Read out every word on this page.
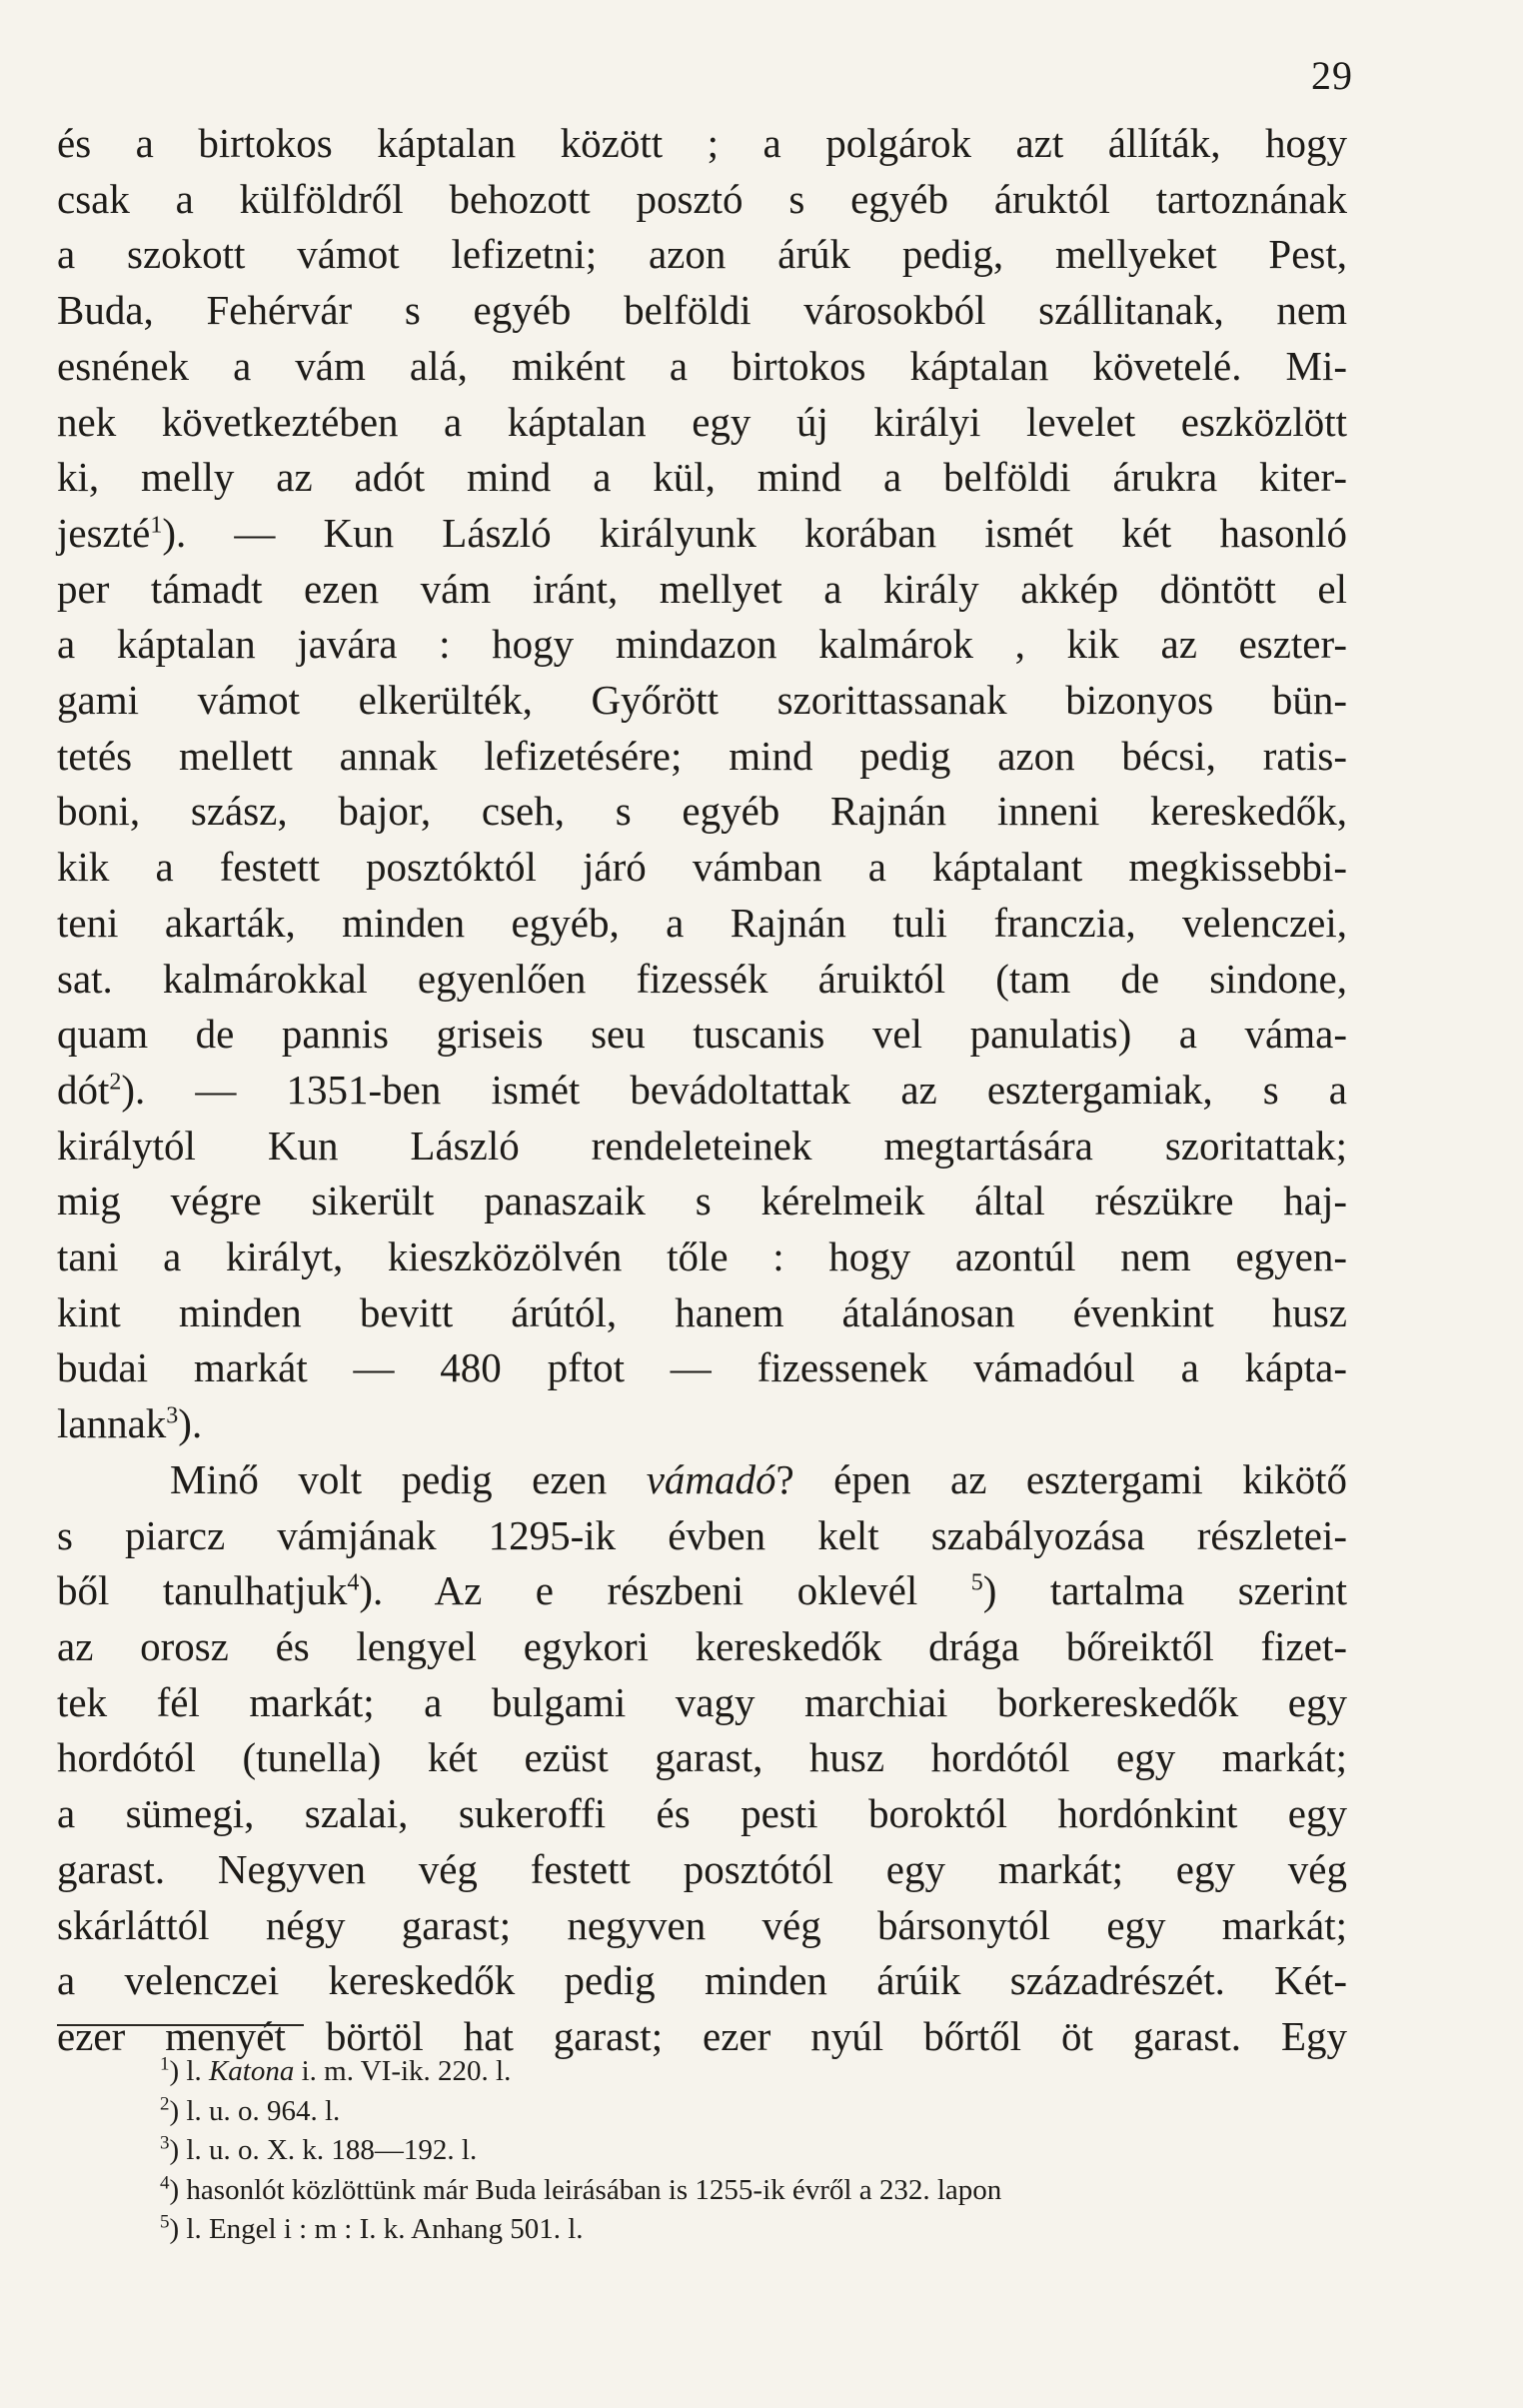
29
és a birtokos káptalan között ; a polgárok azt állíták, hogy
csak a külföldről behozott posztó s egyéb áruktól tartoznának
a szokott vámot lefizetni; azon árúk pedig, mellyeket Pest,
Buda, Fehérvár s egyéb belföldi városokból szállitanak, nem
esnének a vám alá, miként a birtokos káptalan követelé. Mi-
nek következtében a káptalan egy új királyi levelet eszközlött
ki, melly az adót mind a kül, mind a belföldi árukra kiter-
jeszté$^1$). — Kun László királyunk korában ismét két hasonló
per támadt ezen vám iránt, mellyet a király akkép döntött el
a káptalan javára : hogy mindazon kalmárok , kik az eszter-
gami vámot elkerülték, Győrött szorittassanak bizonyos bün-
tetés mellett annak lefizetésére; mind pedig azon bécsi, ratis-
boni, szász, bajor, cseh, s egyéb Rajnán inneni kereskedők,
kik a festett posztóktól járó vámban a káptalant megkissebbi-
teni akarták, minden egyéb, a Rajnán tuli franczia, velenczei,
sat. kalmárokkal egyenlően fizessék áruiktól (tam de sindone,
quam de pannis griseis seu tuscanis vel panulatis) a váma-
dót$^2$). — 1351-ben ismét bevádoltattak az esztergamiak, s a
királytól Kun László rendeleteinek megtartására szoritattak;
mig végre sikerült panaszaik s kérelmeik által részükre haj-
tani a királyt, kieszközölvén tőle : hogy azontúl nem egyen-
kint minden bevitt árútól, hanem átalánosan évenkint husz
budai markát — 480 pftot — fizessenek vámadóul a kápta-
lannak$^3$).
Minő volt pedig ezen vámadó? épen az esztergami kikötő
s piarcz vámjának 1295-ik évben kelt szabályozása részletei-
ből tanulhatjuk$^4$). Az e részbeni oklevél $^5$) tartalma szerint
az orosz és lengyel egykori kereskedők drága bőreiktől fizet-
tek fél markát; a bulgami vagy marchiai borkereskedők egy
hordótól (tunella) két ezüst garast, husz hordótól egy markát;
a sümegi, szalai, sukeroffi és pesti boroktól hordónkint egy
garast. Negyven vég festett posztótól egy markát; egy vég
skárláttól négy garast; negyven vég bársonytól egy markát;
a velenczei kereskedők pedig minden árúik századrészét. Két-
ezer menyét börtöl hat garast; ezer nyúl bőrtől öt garast. Egy
$^1$) l. Katona i. m. VI-ik. 220. l.
$^2$) l. u. o. 964. l.
$^3$) l. u. o. X. k. 188—192. l.
$^4$) hasonlót közlöttünk már Buda leirásában is 1255-ik évről a 232. lapon
$^5$) l. Engel i : m : I. k. Anhang 501. l.
